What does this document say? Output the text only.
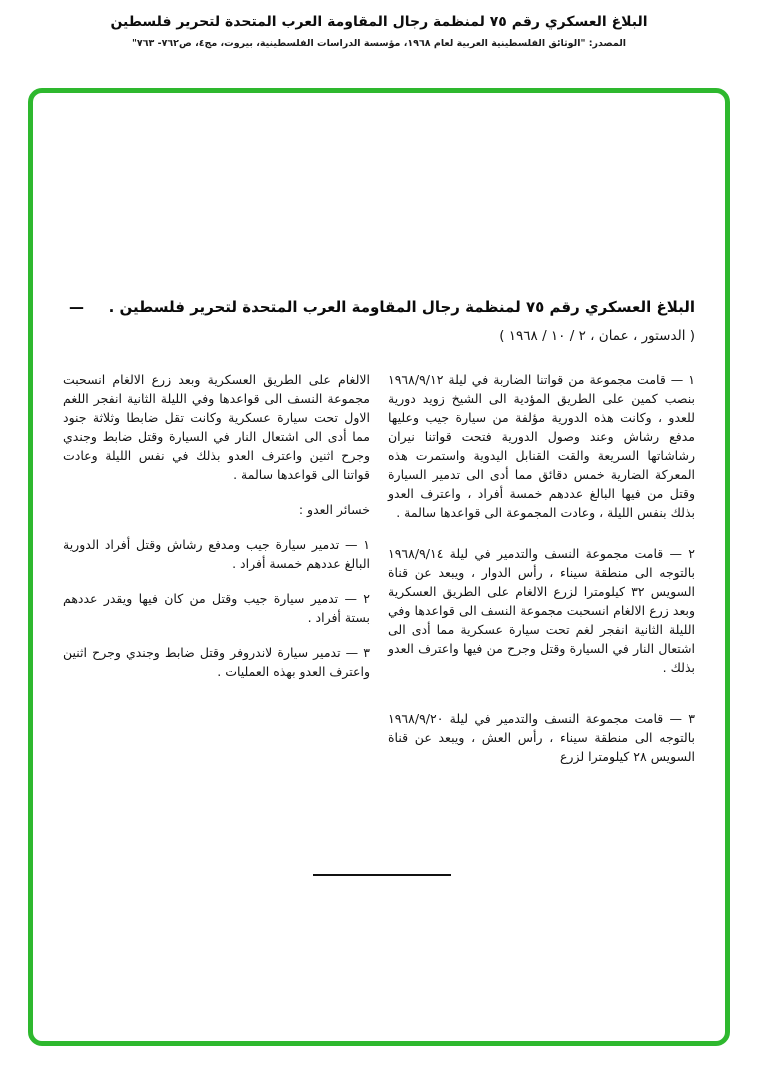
البلاغ العسكري رقم ٧٥ لمنظمة رجال المقاومة العرب المتحدة لتحرير فلسطين
المصدر: "الوثائق الفلسطينية العربية لعام ١٩٦٨، مؤسسة الدراسات الفلسطينية، بيروت، مج٤، ص٧٦٢- ٧٦٣"
البلاغ العسكري رقم ٧٥ لمنظمة رجال المقاومة العرب المتحدة لتحرير فلسطين .
—
( الدستور ، عمان ، ٢ / ١٠ / ١٩٦٨ )

١ — قامت مجموعة من قواتنا الضاربة في ليلة ١٩٦٨/٩/١٢ بنصب كمين على الطريق المؤدية الى الشيخ زويد دورية للعدو ، وكانت هذه الدورية مؤلفة من سيارة جيب وعليها مدفع رشاش وعند وصول الدورية فتحت قواتنا نيران رشاشاتها السريعة والقت القنابل اليدوية واستمرت هذه المعركة الضارية خمس دقائق مما أدى الى تدمير السيارة وقتل من فيها البالغ عددهم خمسة أفراد ، واعترف العدو بذلك بنفس الليلة ، وعادت المجموعة الى قواعدها سالمة .

٢ — قامت مجموعة النسف والتدمير في ليلة ١٩٦٨/٩/١٤ بالتوجه الى منطقة سيناء ، رأس الدوار ، ويبعد عن قناة السويس ٣٢ كيلومترا لزرع الالغام على الطريق العسكرية وبعد زرع الالغام انسحبت مجموعة النسف الى قواعدها وفي الليلة الثانية انفجر لغم تحت سيارة عسكرية مما أدى الى اشتعال النار في السيارة وقتل وجرح من فيها واعترف العدو بذلك .

٣ — قامت مجموعة النسف والتدمير في ليلة ١٩٦٨/٩/٢٠ بالتوجه الى منطقة سيناء ، رأس العش ، ويبعد عن قناة السويس ٢٨ كيلومترا لزرع

الالغام على الطريق العسكرية وبعد زرع الالغام انسحبت مجموعة النسف الى قواعدها وفي الليلة الثانية انفجر اللغم الاول تحت سيارة عسكرية وكانت تقل ضابطا وثلاثة جنود مما أدى الى اشتعال النار في السيارة وقتل ضابط وجندي وجرح اثنين واعترف العدو بذلك في نفس الليلة وعادت قواتنا الى قواعدها سالمة .

خسائر العدو :

١ — تدمير سيارة جيب ومدفع رشاش وقتل أفراد الدورية البالغ عددهم خمسة أفراد .

٢ — تدمير سيارة جيب وقتل من كان فيها ويقدر عددهم بستة أفراد .

٣ — تدمير سيارة لاندروفر وقتل ضابط وجندي وجرح اثنين واعترف العدو بهذه العمليات .
